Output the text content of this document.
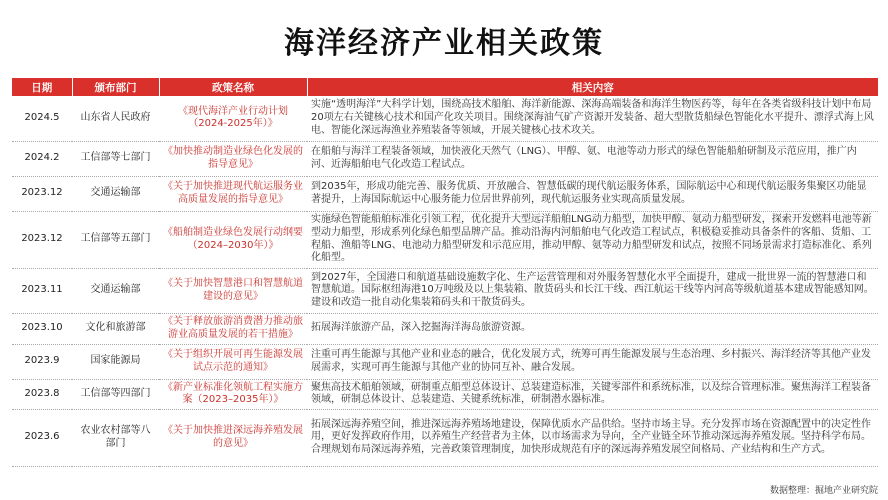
海洋经济产业相关政策
日期	颁布部门	政策名称	相关内容
2024.5	山东省人民政府	《现代海洋产业行动计划（2024-2025年）》	实施“透明海洋”大科学计划，围绕高技术船舶、海洋新能源、深海高端装备和海洋生物医药等，每年在各类省级科技计划中布局20项左右关键核心技术和国产化攻关项目。围绕深海油气矿产资源开发装备、超大型散货船绿色智能化水平提升、漂浮式海上风电、智能化深远海渔业养殖装备等领域，开展关键核心技术攻关。
2024.2	工信部等七部门	《加快推动制造业绿色化发展的指导意见》	在船舶与海洋工程装备领域，加快液化天然气（LNG）、甲醇、氨、电池等动力形式的绿色智能船舶研制及示范应用，推广内河、近海船舶电气化改造工程试点。
2023.12	交通运输部	《关于加快推进现代航运服务业高质量发展的指导意见》	到2035年，形成功能完善、服务优质、开放融合、智慧低碳的现代航运服务体系，国际航运中心和现代航运服务集聚区功能显著提升，上海国际航运中心服务能力位居世界前列，现代航运服务业实现高质量发展。
2023.12	工信部等五部门	《船舶制造业绿色发展行动纲要（2024–2030年）》	实施绿色智能船舶标准化引领工程，优化提升大型远洋船舶LNG动力船型，加快甲醇、氨动力船型研发，探索开发燃料电池等新型动力船型，形成系列化绿色船型品牌产品。推动沿海内河船舶电气化改造工程试点，积极稳妥推动具备条件的客船、货船、工程船、渔船等LNG、电池动力船型研发和示范应用，推动甲醇、氨等动力船型研发和试点，按照不同场景需求打造标准化、系列化船型。
2023.11	交通运输部	《关于加快智慧港口和智慧航道建设的意见》	到2027年，全国港口和航道基础设施数字化、生产运营管理和对外服务智慧化水平全面提升，建成一批世界一流的智慧港口和智慧航道。国际枢纽海港10万吨级及以上集装箱、散货码头和长江干线、西江航运干线等内河高等级航道基本建成智能感知网。建设和改造一批自动化集装箱码头和干散货码头。
2023.10	文化和旅游部	《关于释放旅游消费潜力推动旅游业高质量发展的若干措施》	拓展海洋旅游产品，深入挖掘海洋海岛旅游资源。
2023.9	国家能源局	《关于组织开展可再生能源发展试点示范的通知》	注重可再生能源与其他产业和业态的融合，优化发展方式，统筹可再生能源发展与生态治理、乡村振兴、海洋经济等其他产业发展需求，实现可再生能源与其他产业的协同互补、融合发展。
2023.8	工信部等四部门	《新产业标准化领航工程实施方案（2023–2035年）》	聚焦高技术船舶领域，研制重点船型总体设计、总装建造标准，关键零部件和系统标准，以及综合管理标准。聚焦海洋工程装备领域，研制总体设计、总装建造、关键系统标准，研制潜水器标准。
2023.6	农业农村部等八部门	《关于加快推进深远海养殖发展的意见》	拓展深远海养殖空间，推进深远海养殖场地建设，保障优质水产品供给。坚持市场主导。充分发挥市场在资源配置中的决定性作用，更好发挥政府作用，以养殖生产经营者为主体，以市场需求为导向，全产业链全环节推动深远海养殖发展。坚持科学布局。合理规划布局深远海养殖，完善政策管理制度，加快形成规范有序的深远海养殖发展空间格局、产业结构和生产方式。
数据整理：掘地产业研究院
